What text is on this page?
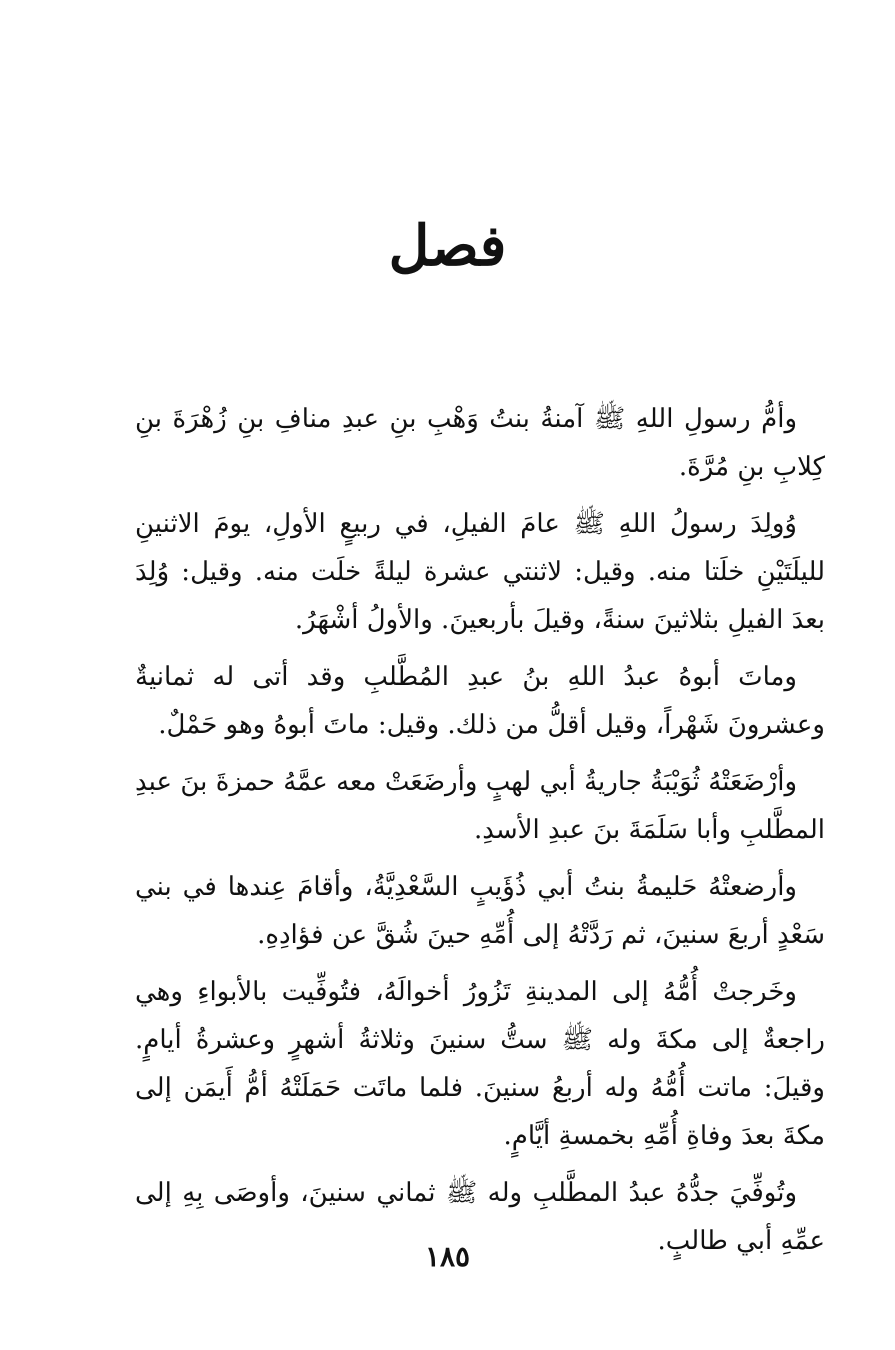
فصل

وأمُّ رسولِ اللهِ ﷺ آمنةُ بنتُ وَهْبِ بنِ عبدِ منافِ بنِ زُهْرَةَ بنِ كِلابِ بنِ مُرَّةَ.

وُولِدَ رسولُ اللهِ ﷺ عامَ الفيلِ، في ربيعٍ الأولِ، يومَ الاثنينِ لليلَتَيْنِ خلَتا منه. وقيل: لاثنتي عشرة ليلةً خلَت منه. وقيل: وُلِدَ بعدَ الفيلِ بثلاثينَ سنةً، وقيلَ بأربعينَ. والأولُ أشْهَرُ.

وماتَ أبوهُ عبدُ اللهِ بنُ عبدِ المُطَّلبِ وقد أتى له ثمانيةٌ وعشرونَ شَهْراً، وقيل أقلُّ من ذلك. وقيل: ماتَ أبوهُ وهو حَمْلٌ.

وأرْضَعَتْهُ ثُوَيْبَةُ جاريةُ أبي لهبٍ وأرضَعَتْ معه عمَّهُ حمزةَ بنَ عبدِ المطَّلبِ وأبا سَلَمَةَ بنَ عبدِ الأسدِ.

وأرضعتْهُ حَليمةُ بنتُ أبي ذُؤَيبٍ السَّعْدِيَّةُ، وأقامَ عِندها في بني سَعْدٍ أربعَ سنينَ، ثم رَدَّتْهُ إلى أُمِّهِ حينَ شُقَّ عن فؤادِهِ.

وخَرجتْ أُمُّهُ إلى المدينةِ تَزُورُ أخوالَهُ، فتُوفِّيت بالأبواءِ وهي راجعةٌ إلى مكةَ وله ﷺ ستُّ سنينَ وثلاثةُ أشهرٍ وعشرةُ أيامٍ. وقيلَ: ماتت أُمُّهُ وله أربعُ سنينَ. فلما ماتَت حَمَلَتْهُ أمُّ أَيمَن إلى مكةَ بعدَ وفاةِ أُمِّهِ بخمسةِ أيَّامٍ.

وتُوفِّيَ جدُّهُ عبدُ المطَّلبِ وله ﷺ ثماني سنينَ، وأوصَى بِهِ إلى عمِّهِ أبي طالبٍ.

١٨٥
